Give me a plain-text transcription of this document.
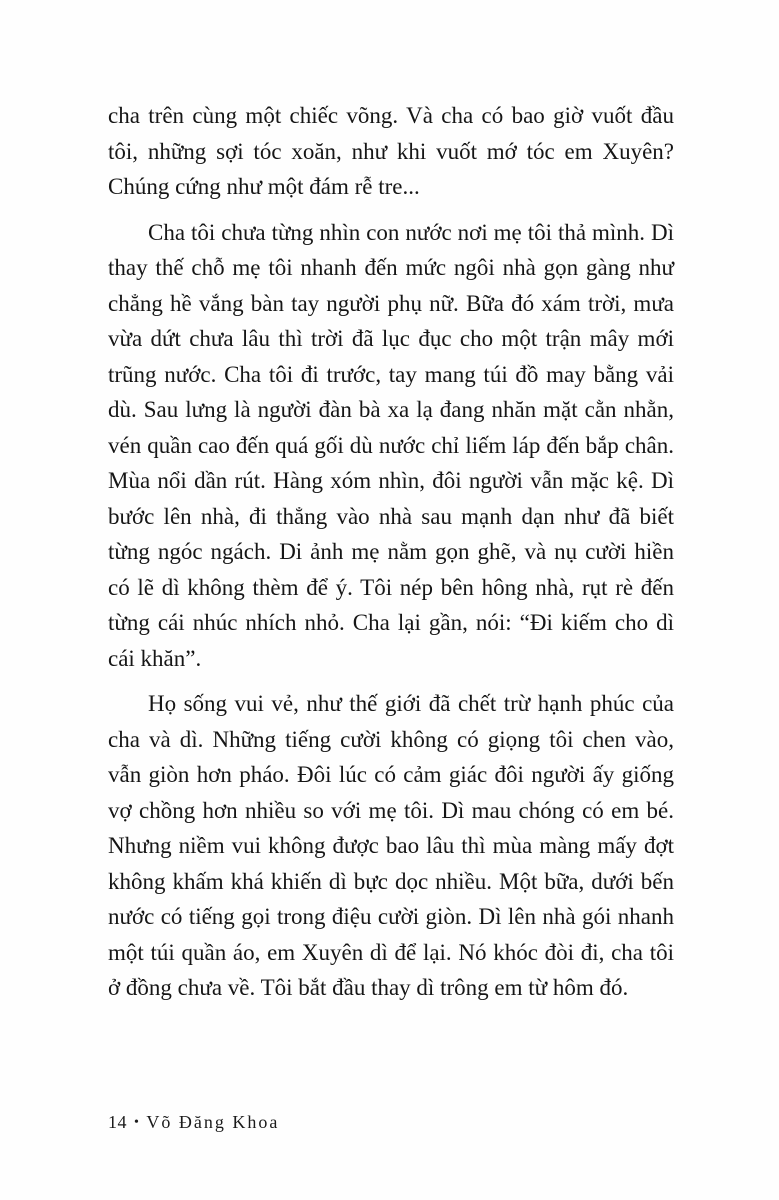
cha trên cùng một chiếc võng. Và cha có bao giờ vuốt đầu tôi, những sợi tóc xoăn, như khi vuốt mớ tóc em Xuyên? Chúng cứng như một đám rễ tre...

Cha tôi chưa từng nhìn con nước nơi mẹ tôi thả mình. Dì thay thế chỗ mẹ tôi nhanh đến mức ngôi nhà gọn gàng như chẳng hề vắng bàn tay người phụ nữ. Bữa đó xám trời, mưa vừa dứt chưa lâu thì trời đã lục đục cho một trận mây mới trũng nước. Cha tôi đi trước, tay mang túi đồ may bằng vải dù. Sau lưng là người đàn bà xa lạ đang nhăn mặt cằn nhằn, vén quần cao đến quá gối dù nước chỉ liếm láp đến bắp chân. Mùa nổi dần rút. Hàng xóm nhìn, đôi người vẫn mặc kệ. Dì bước lên nhà, đi thẳng vào nhà sau mạnh dạn như đã biết từng ngóc ngách. Di ảnh mẹ nằm gọn ghẽ, và nụ cười hiền có lẽ dì không thèm để ý. Tôi nép bên hông nhà, rụt rè đến từng cái nhúc nhích nhỏ. Cha lại gần, nói: “Đi kiếm cho dì cái khăn”.

Họ sống vui vẻ, như thế giới đã chết trừ hạnh phúc của cha và dì. Những tiếng cười không có giọng tôi chen vào, vẫn giòn hơn pháo. Đôi lúc có cảm giác đôi người ấy giống vợ chồng hơn nhiều so với mẹ tôi. Dì mau chóng có em bé. Nhưng niềm vui không được bao lâu thì mùa màng mấy đợt không khấm khá khiến dì bực dọc nhiều. Một bữa, dưới bến nước có tiếng gọi trong điệu cười giòn. Dì lên nhà gói nhanh một túi quần áo, em Xuyên dì để lại. Nó khóc đòi đi, cha tôi ở đồng chưa về. Tôi bắt đầu thay dì trông em từ hôm đó.

14 • Võ Đăng Khoa
